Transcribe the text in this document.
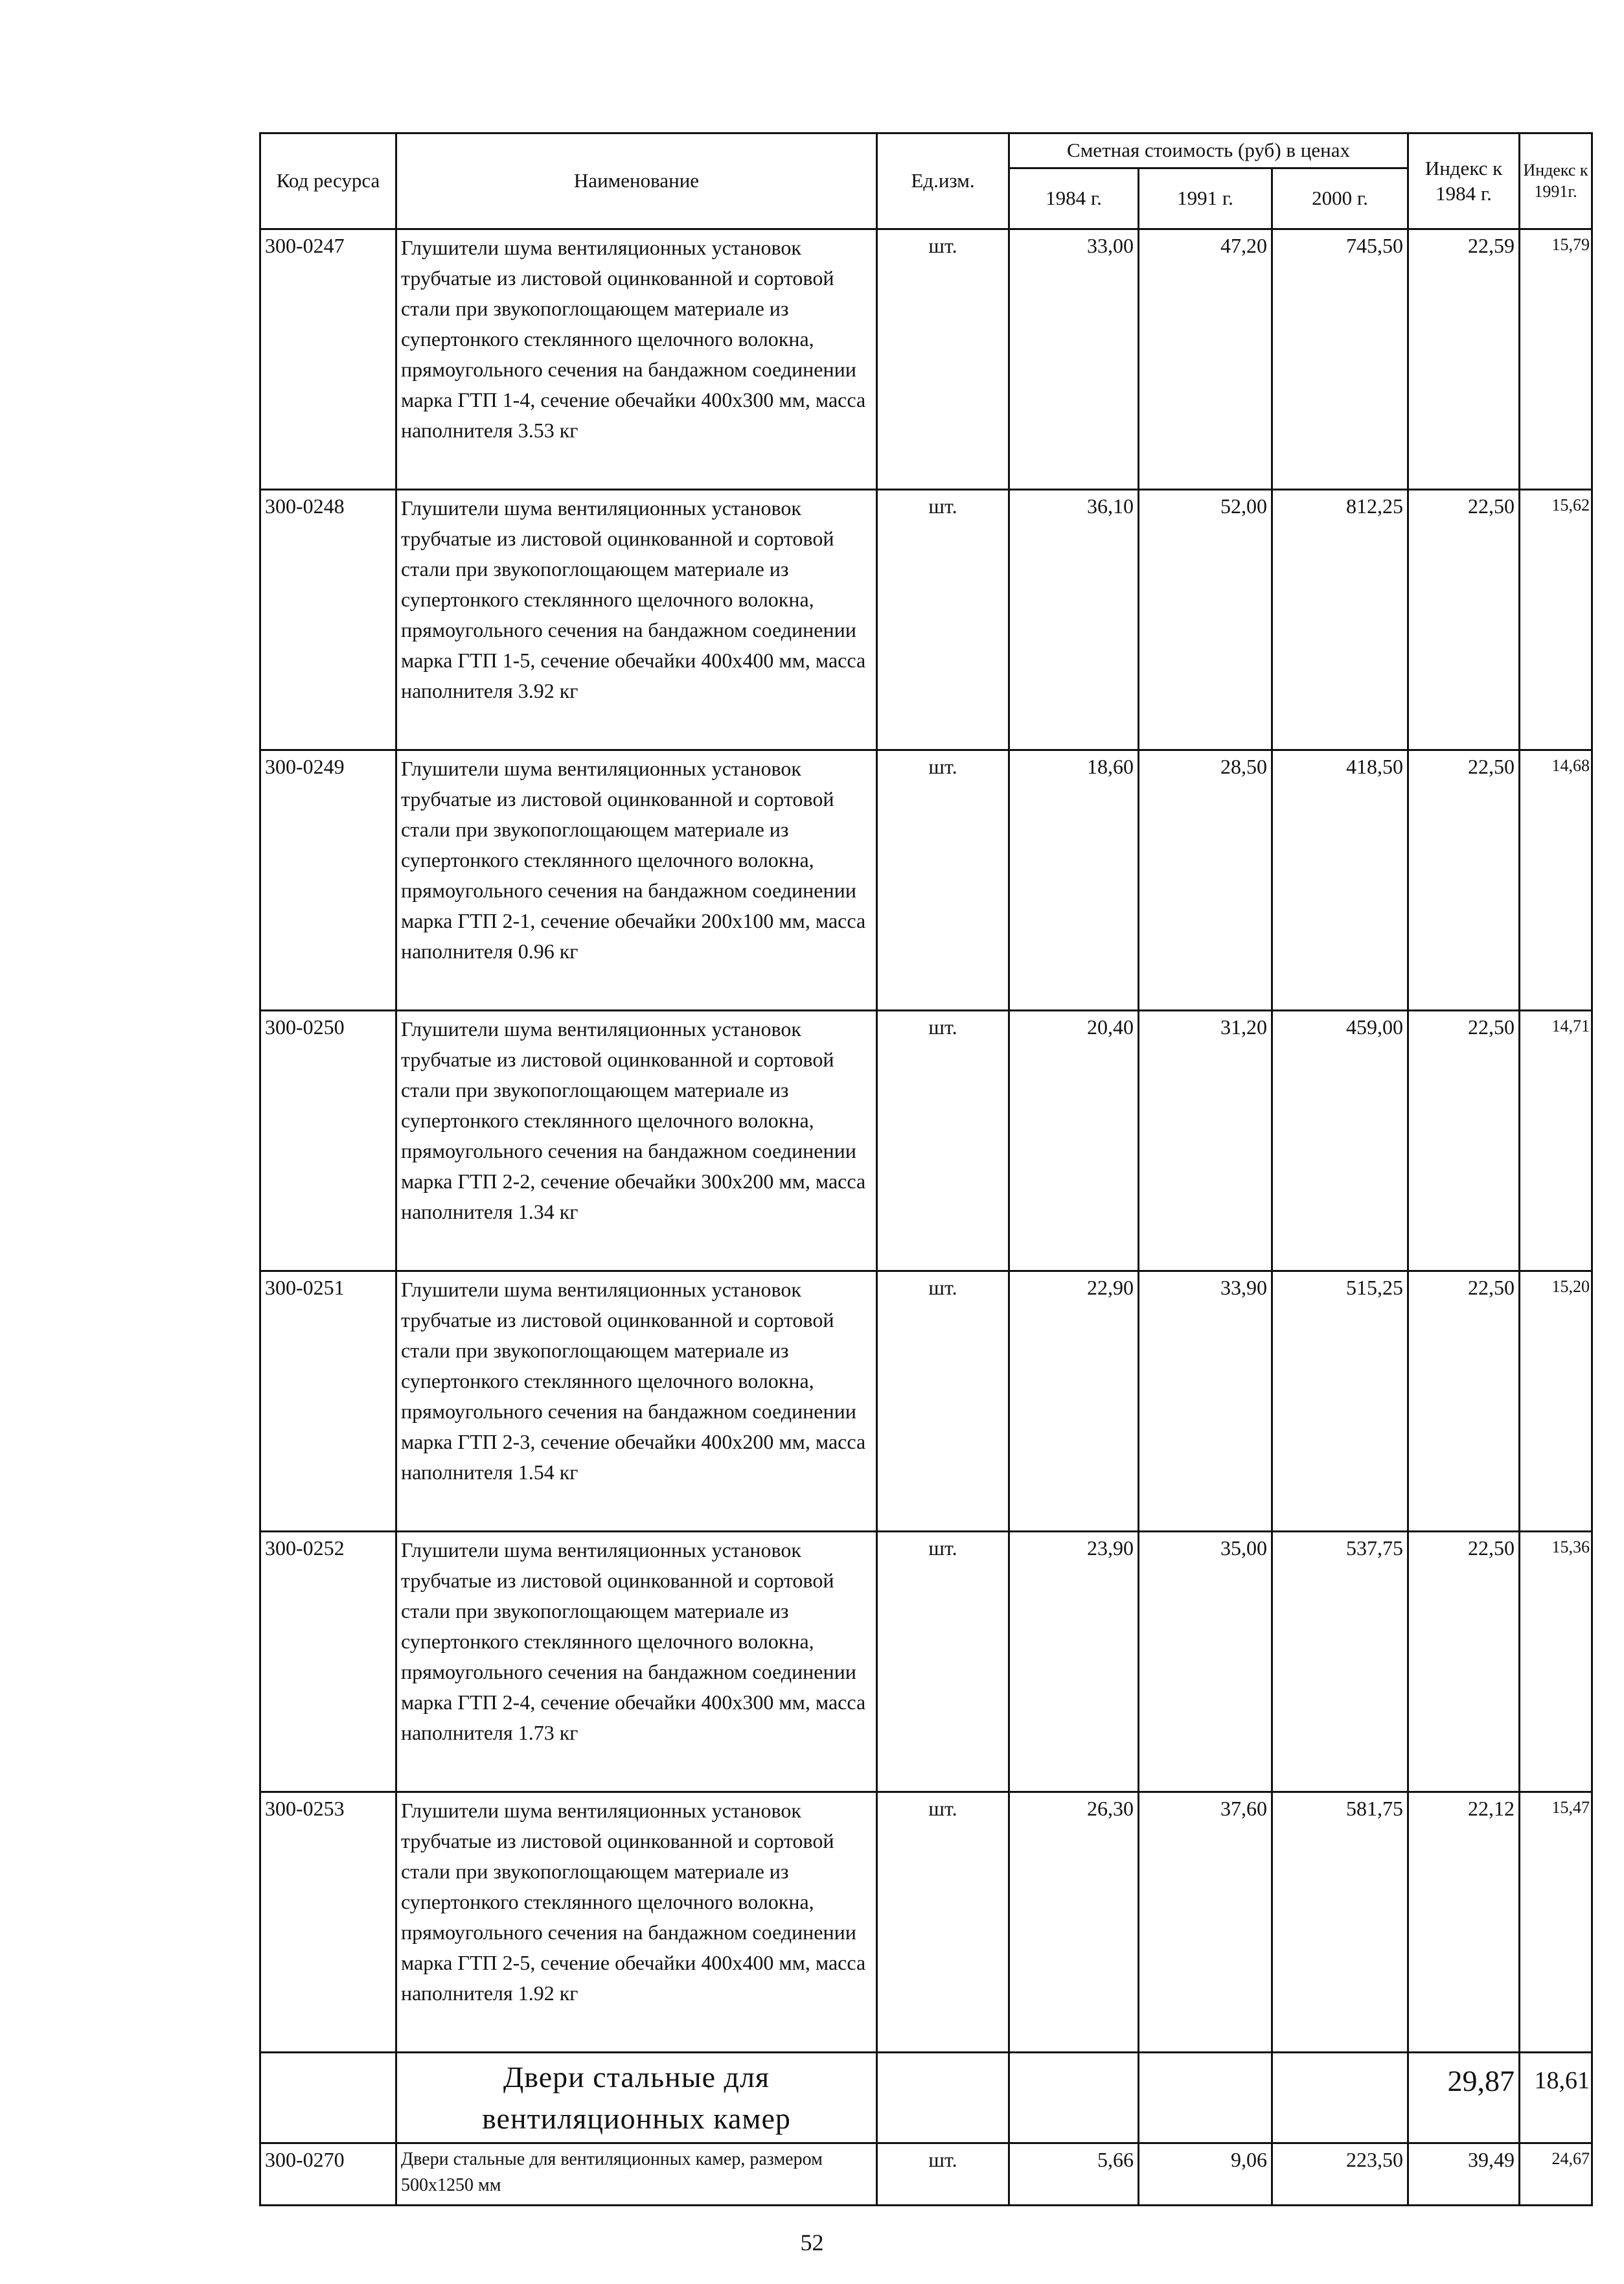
Код ресурса	Наименование	Ед.изм.	Сметная стоимость (руб) в ценах			Индекс к 1984 г.	Индекс к 1991г.
			1984 г.	1991 г.	2000 г.		
300-0247	Глушители шума вентиляционных установок трубчатые из листовой оцинкованной и сортовой стали при звукопоглощающем материале из супертонкого стеклянного щелочного волокна, прямоугольного сечения на бандажном соединении марка ГТП 1-4, сечение обечайки 400х300 мм, масса наполнителя 3.53 кг	шт.	33,00	47,20	745,50	22,59	15,79
300-0248	Глушители шума вентиляционных установок трубчатые из листовой оцинкованной и сортовой стали при звукопоглощающем материале из супертонкого стеклянного щелочного волокна, прямоугольного сечения на бандажном соединении марка ГТП 1-5, сечение обечайки 400х400 мм, масса наполнителя 3.92 кг	шт.	36,10	52,00	812,25	22,50	15,62
300-0249	Глушители шума вентиляционных установок трубчатые из листовой оцинкованной и сортовой стали при звукопоглощающем материале из супертонкого стеклянного щелочного волокна, прямоугольного сечения на бандажном соединении марка ГТП 2-1, сечение обечайки 200х100 мм, масса наполнителя 0.96 кг	шт.	18,60	28,50	418,50	22,50	14,68
300-0250	Глушители шума вентиляционных установок трубчатые из листовой оцинкованной и сортовой стали при звукопоглощающем материале из супертонкого стеклянного щелочного волокна, прямоугольного сечения на бандажном соединении марка ГТП 2-2, сечение обечайки 300х200 мм, масса наполнителя 1.34 кг	шт.	20,40	31,20	459,00	22,50	14,71
300-0251	Глушители шума вентиляционных установок трубчатые из листовой оцинкованной и сортовой стали при звукопоглощающем материале из супертонкого стеклянного щелочного волокна, прямоугольного сечения на бандажном соединении марка ГТП 2-3, сечение обечайки 400х200 мм, масса наполнителя 1.54 кг	шт.	22,90	33,90	515,25	22,50	15,20
300-0252	Глушители шума вентиляционных установок трубчатые из листовой оцинкованной и сортовой стали при звукопоглощающем материале из супертонкого стеклянного щелочного волокна, прямоугольного сечения на бандажном соединении марка ГТП 2-4, сечение обечайки 400х300 мм, масса наполнителя 1.73 кг	шт.	23,90	35,00	537,75	22,50	15,36
300-0253	Глушители шума вентиляционных установок трубчатые из листовой оцинкованной и сортовой стали при звукопоглощающем материале из супертонкого стеклянного щелочного волокна, прямоугольного сечения на бандажном соединении марка ГТП 2-5, сечение обечайки 400х400 мм, масса наполнителя 1.92 кг	шт.	26,30	37,60	581,75	22,12	15,47
	Двери стальные для вентиляционных камер					29,87	18,61
300-0270	Двери стальные для вентиляционных камер, размером 500х1250 мм	шт.	5,66	9,06	223,50	39,49	24,67
52
